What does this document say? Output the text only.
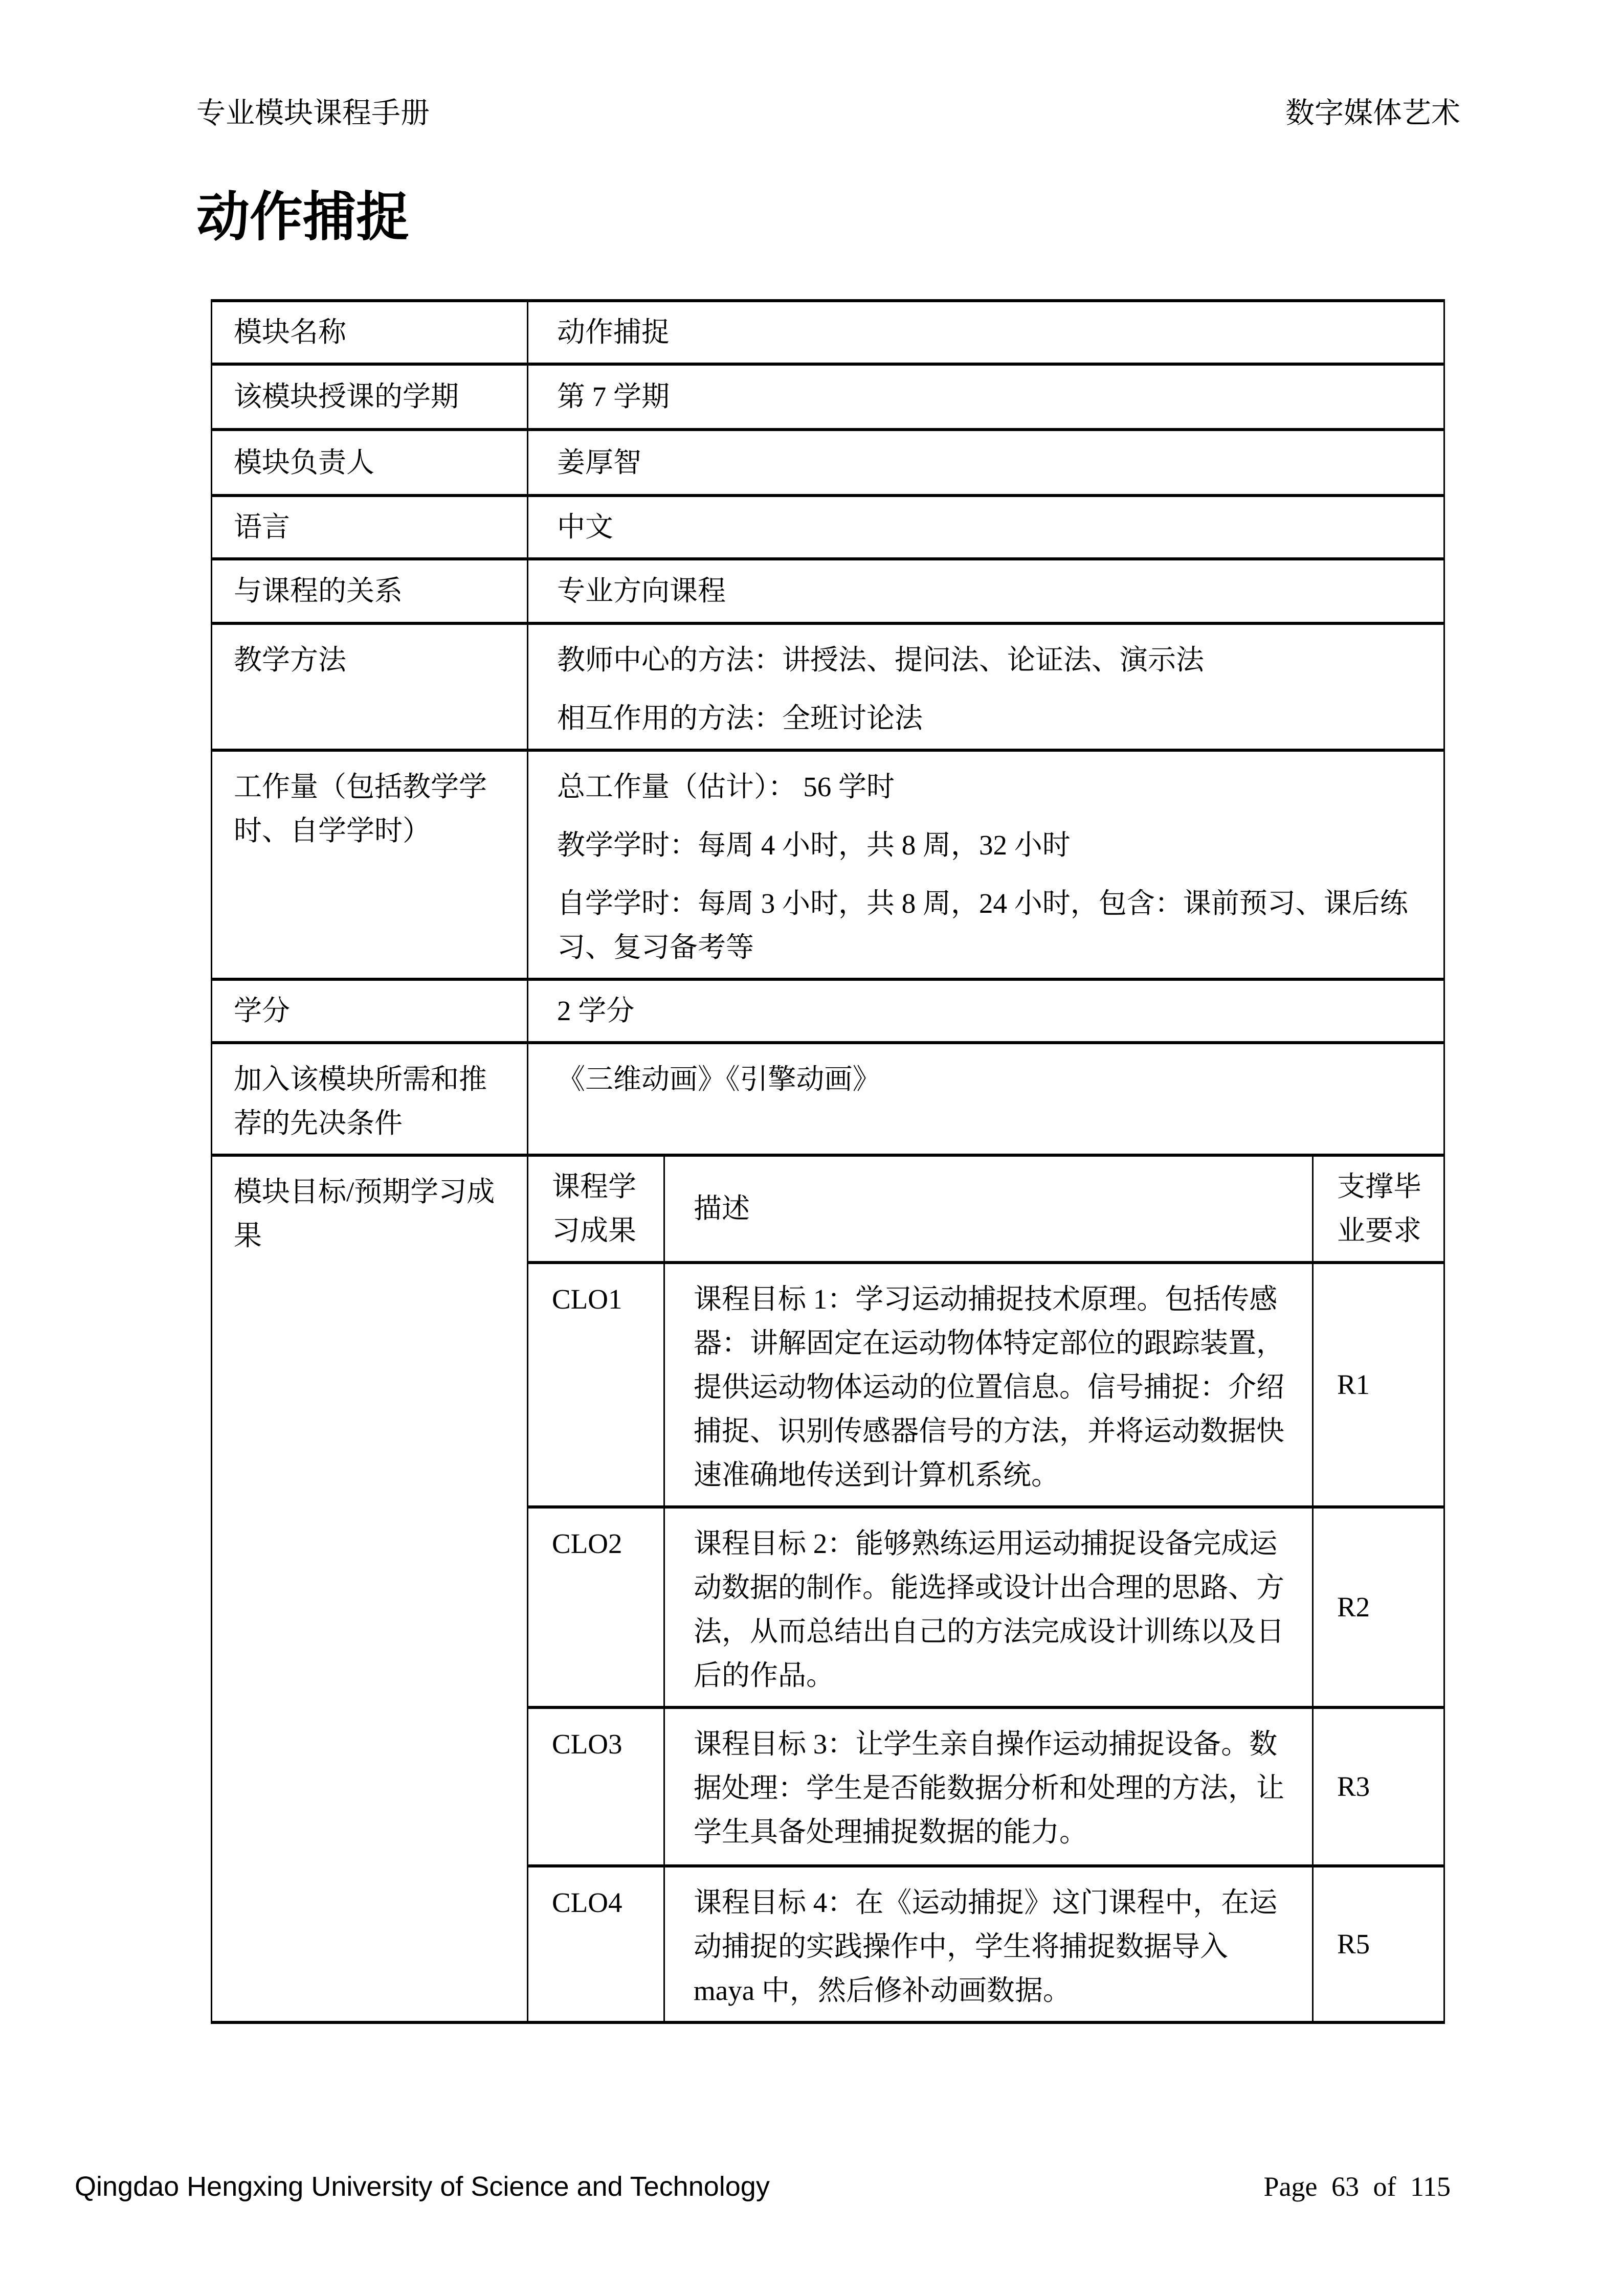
专业模块课程手册	数字媒体艺术
动作捕捉
模块名称	动作捕捉		
该模块授课的学期	第 7 学期		
模块负责人	姜厚智		
语言	中文		
与课程的关系	专业方向课程		
教学方法	教师中心的方法：讲授法、提问法、论证法、演示法

相互作用的方法：全班讨论法		

工作量（包括教学学时、自学学时）	总工作量（估计）： 56 学时

教学学时：每周 4 小时，共 8 周，32 小时

自学学时：每周 3 小时，共 8 周，24 小时，包含：课前预习、课后练习、复习备考等		

学分	2 学分		
加入该模块所需和推荐的先决条件	《三维动画》《引擎动画》		
模块目标/预期学习成果	课程学习成果	描述	支撑毕业要求
	CLO1	课程目标 1：学习运动捕捉技术原理。包括传感器：讲解固定在运动物体特定部位的跟踪装置，提供运动物体运动的位置信息。信号捕捉：介绍捕捉、识别传感器信号的方法，并将运动数据快速准确地传送到计算机系统。	R1
	CLO2	课程目标 2：能够熟练运用运动捕捉设备完成运动数据的制作。能选择或设计出合理的思路、方法，从而总结出自己的方法完成设计训练以及日后的作品。	R2
	CLO3	课程目标 3：让学生亲自操作运动捕捉设备。数据处理：学生是否能数据分析和处理的方法，让学生具备处理捕捉数据的能力。	R3
	CLO4	课程目标 4：在《运动捕捉》这门课程中，在运动捕捉的实践操作中，学生将捕捉数据导入 maya 中，然后修补动画数据。	R5
Qingdao Hengxing University of Science and Technology	Page 63 of 115
